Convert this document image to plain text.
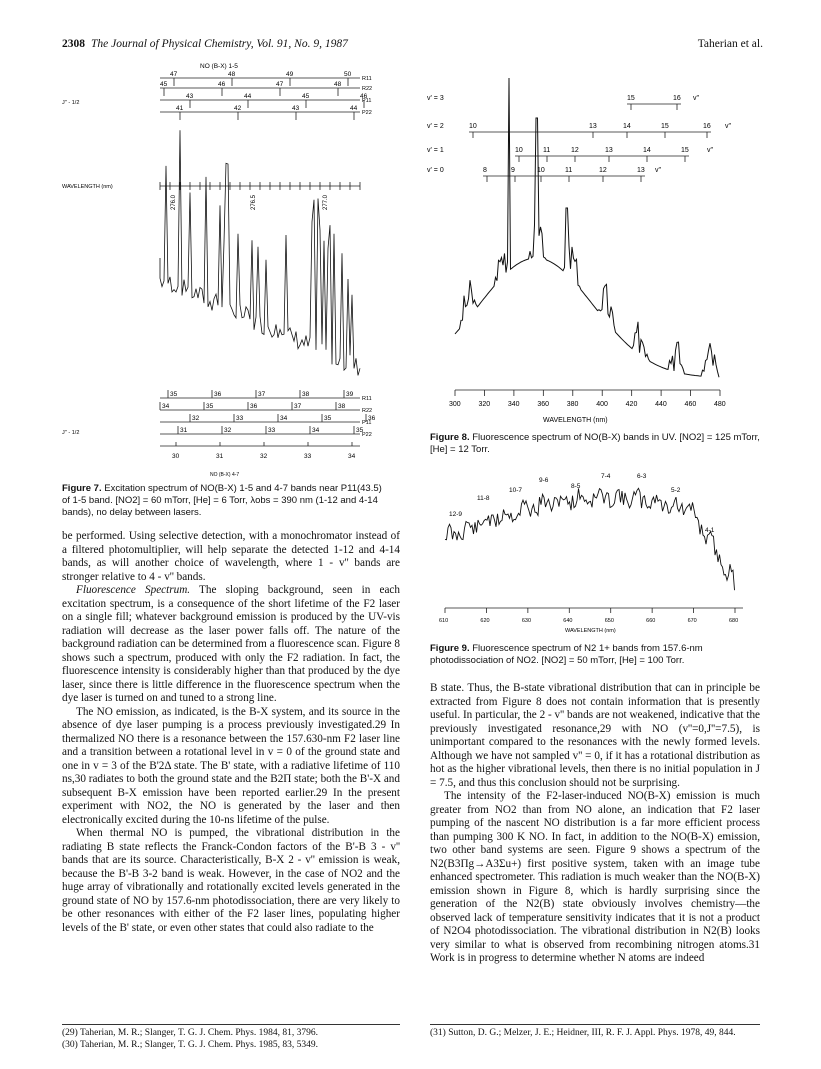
2308 The Journal of Physical Chemistry, Vol. 91, No. 9, 1987	Taherian et al.
NO (B-X) 1-5
R11
47	48	49	50
R22
45	46	47	48
P11
43	44	45	46
P22
41	42	43	44
276.0	276.5	277.0
J'' - 1/2
WAVELENGTH (nm)
R11
35	36	37	38	39
R22
34	35	36	37	38
P11
32	33	34	35	36
P22
31	32	33	34	35
30	31	32	33	34
J'' - 1/2
NO (B-X) 4-7
Figure 7. Excitation spectrum of NO(B-X) 1-5 and 4-7 bands near P11(43.5) of 1-5 band. [NO2] = 60 mTorr, [He] = 6 Torr, λobs = 390 nm (1-12 and 4-14 bands), no delay between lasers.
v' = 3
v' = 2
v' = 1
v' = 0
15	16 v''
10	13	14	15	16 v''
10	11	12	13	14	15	v''
8	9	10	11	12	13 v''
300	320	340	360	380	400	420	440	460	480
WAVELENGTH (nm)
Figure 8. Fluorescence spectrum of NO(B-X) bands in UV. [NO2] = 125 mTorr, [He] = 12 Torr.
12-9
11-8
10-7
9-6
8-5
7-4	6-3
5-2
4-1
610	620	630	640	650	660	670	680
WAVELENGTH (nm)
Figure 9. Fluorescence spectrum of N2 1+ bands from 157.6-nm photodissociation of NO2. [NO2] = 50 mTorr, [He] = 100 Torr.

be performed. Using selective detection, with a monochromator instead of a filtered photomultiplier, will help separate the detected 1-12 and 4-14 bands, as will another choice of wavelength, where 1 - v'' bands are stronger relative to 4 - v'' bands.

Fluorescence Spectrum. The sloping background, seen in each excitation spectrum, is a consequence of the short lifetime of the F2 laser on a single fill; whatever background emission is produced by the UV-vis radiation will decrease as the laser power falls off. The nature of the background radiation can be determined from a fluorescence scan. Figure 8 shows such a spectrum, produced with only the F2 radiation. In fact, the fluorescence intensity is considerably higher than that produced by the dye laser, since there is little difference in the fluorescence spectrum when the dye laser is turned on and tuned to a strong line.

The NO emission, as indicated, is the B-X system, and its source in the absence of dye laser pumping is a process previously investigated.29 In thermalized NO there is a resonance between the 157.630-nm F2 laser line and a transition between a rotational level in v = 0 of the ground state and one in v = 3 of the B'2Δ state. The B' state, with a radiative lifetime of 110 ns,30 radiates to both the ground state and the B2Π state; both the B'-X and subsequent B-X emission have been reported earlier.29 In the present experiment with NO2, the NO is generated by the laser and then electronically excited during the 10-ns lifetime of the pulse.

When thermal NO is pumped, the vibrational distribution in the radiating B state reflects the Franck-Condon factors of the B'-B 3 - v'' bands that are its source. Characteristically, B-X 2 - v'' emission is weak, because the B'-B 3-2 band is weak. However, in the case of NO2 and the huge array of vibrationally and rotationally excited levels generated in the ground state of NO by 157.6-nm photodissociation, there are very likely to be other resonances with either of the F2 laser lines, populating higher levels of the B' state, or even other states that could also radiate to the

B state. Thus, the B-state vibrational distribution that can in principle be extracted from Figure 8 does not contain information that is presently useful. In particular, the 2 - v'' bands are not weakened, indicative that the previously investigated resonance,29 with NO (v''=0,J''=7.5), is unimportant compared to the resonances with the newly formed levels. Although we have not sampled v'' = 0, if it has a rotational distribution as hot as the higher vibrational levels, then there is no initial population in J = 7.5, and thus this conclusion should not be surprising.

The intensity of the F2-laser-induced NO(B-X) emission is much greater from NO2 than from NO alone, an indication that F2 laser pumping of the nascent NO distribution is a far more efficient process than pumping 300 K NO. In fact, in addition to the NO(B-X) emission, two other band systems are seen. Figure 9 shows a spectrum of the N2(B3Πg→A3Σu+) first positive system, taken with an image tube enhanced spectrometer. This radiation is much weaker than the NO(B-X) emission shown in Figure 8, which is hardly surprising since the generation of the N2(B) state obviously involves chemistry—the observed lack of temperature sensitivity indicates that it is not a product of N2O4 photodissociation. The vibrational distribution in N2(B) looks very similar to what is observed from recombining nitrogen atoms.31 Work is in progress to determine whether N atoms are indeed

(29) Taherian, M. R.; Slanger, T. G. J. Chem. Phys. 1984, 81, 3796.
(30) Taherian, M. R.; Slanger, T. G. J. Chem. Phys. 1985, 83, 5349.
(31) Sutton, D. G.; Melzer, J. E.; Heidner, III, R. F. J. Appl. Phys. 1978, 49, 844.
